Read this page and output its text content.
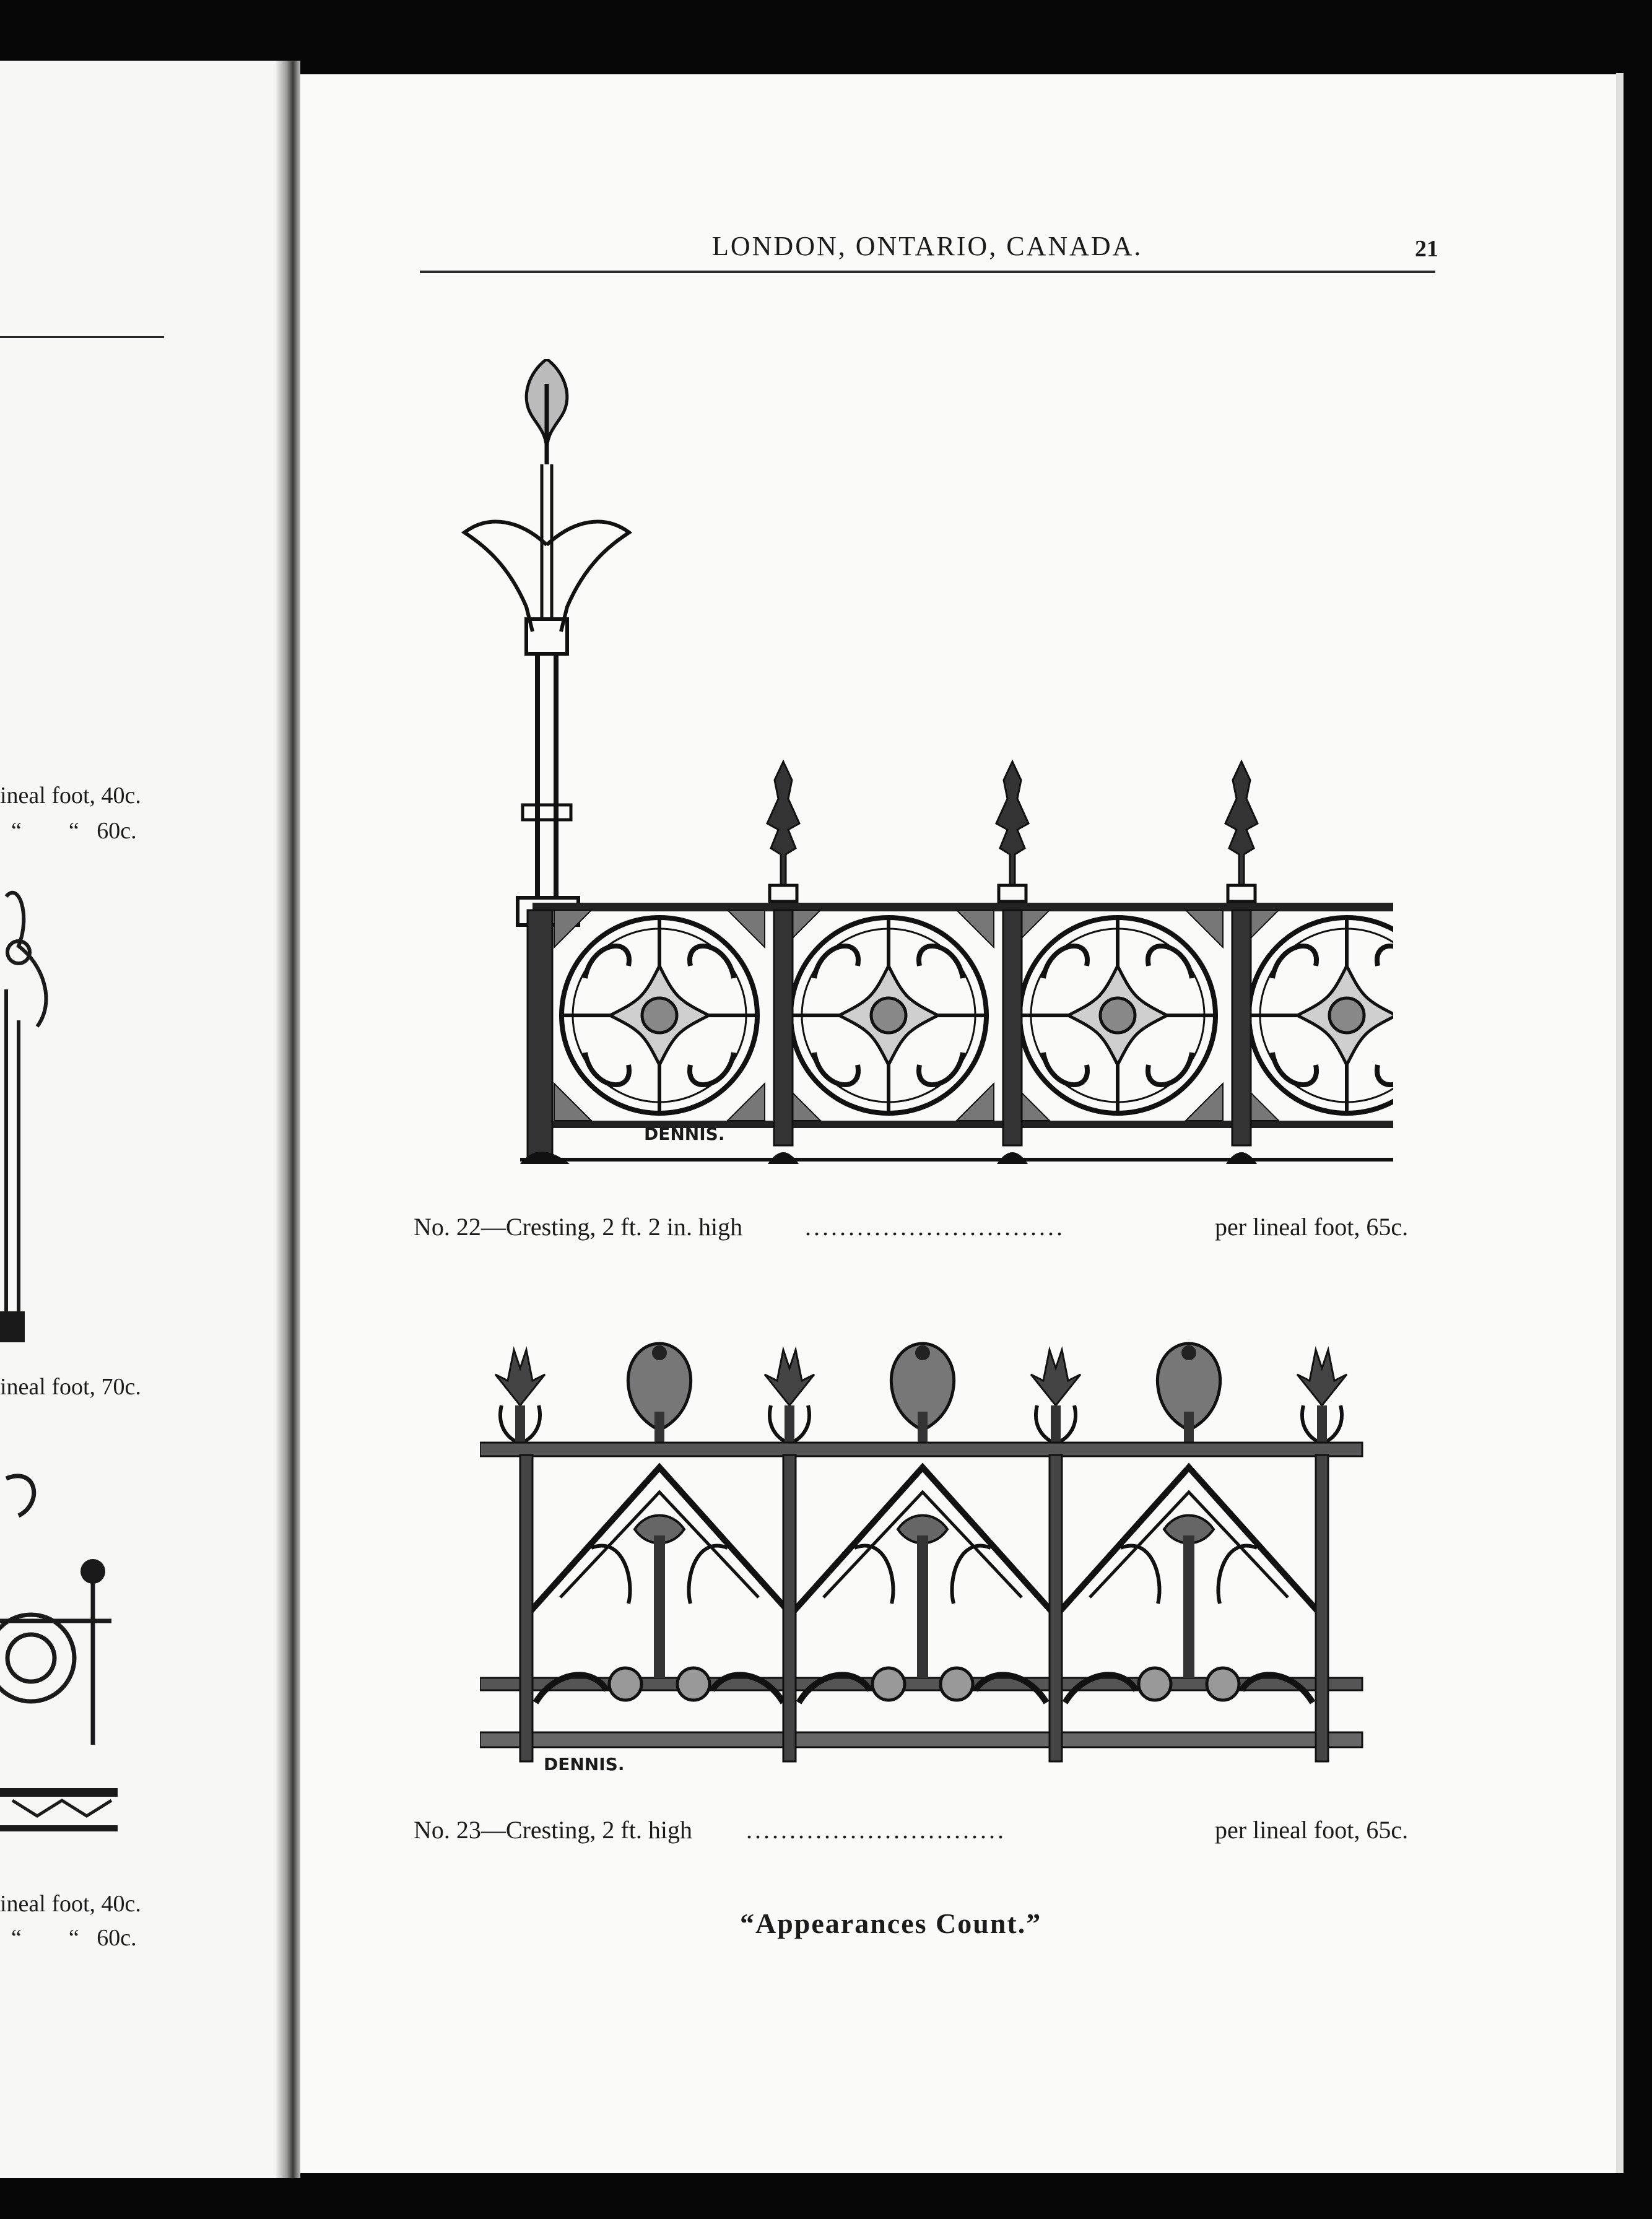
ineal foot, 40c.
“        “   60c.
ineal foot, 70c.
ineal foot, 40c.
“        “   60c.
LONDON, ONTARIO, CANADA.	21
DENNIS.
No. 22—Cresting, 2 ft. 2 in. high	..............................	per lineal foot, 65c.
DENNIS.
No. 23—Cresting, 2 ft. high ..............................	per lineal foot, 65c.
“Appearances Count.”
